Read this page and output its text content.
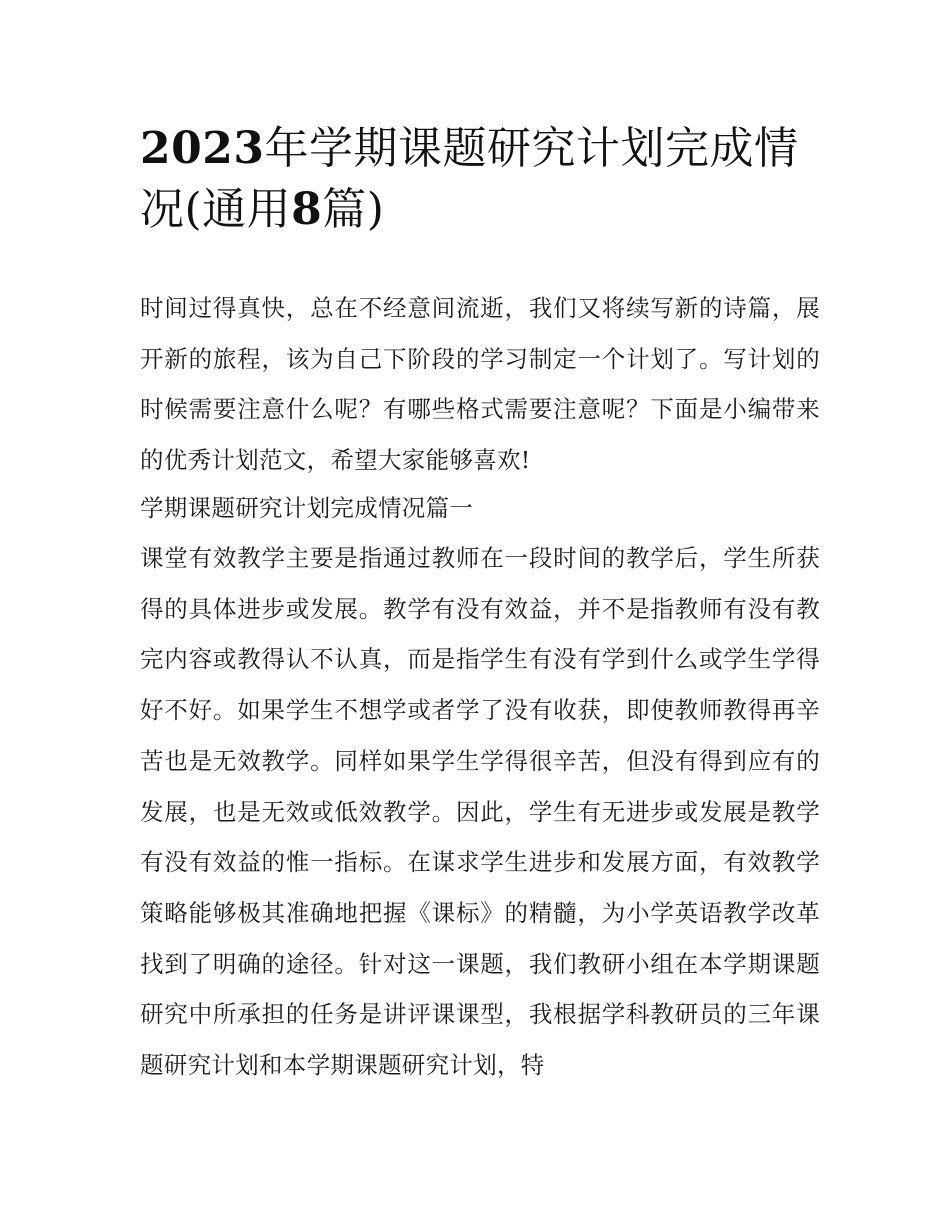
2023年学期课题研究计划完成情况(通用8篇)

时间过得真快，总在不经意间流逝，我们又将续写新的诗篇，展开新的旅程，该为自己下阶段的学习制定一个计划了。写计划的时候需要注意什么呢？有哪些格式需要注意呢？下面是小编带来的优秀计划范文，希望大家能够喜欢!

学期课题研究计划完成情况篇一

课堂有效教学主要是指通过教师在一段时间的教学后，学生所获得的具体进步或发展。教学有没有效益，并不是指教师有没有教完内容或教得认不认真，而是指学生有没有学到什么或学生学得好不好。如果学生不想学或者学了没有收获，即使教师教得再辛苦也是无效教学。同样如果学生学得很辛苦，但没有得到应有的发展，也是无效或低效教学。因此，学生有无进步或发展是教学有没有效益的惟一指标。在谋求学生进步和发展方面，有效教学策略能够极其准确地把握《课标》的精髓，为小学英语教学改革找到了明确的途径。针对这一课题，我们教研小组在本学期课题研究中所承担的任务是讲评课课型，我根据学科教研员的三年课题研究计划和本学期课题研究计划，特
